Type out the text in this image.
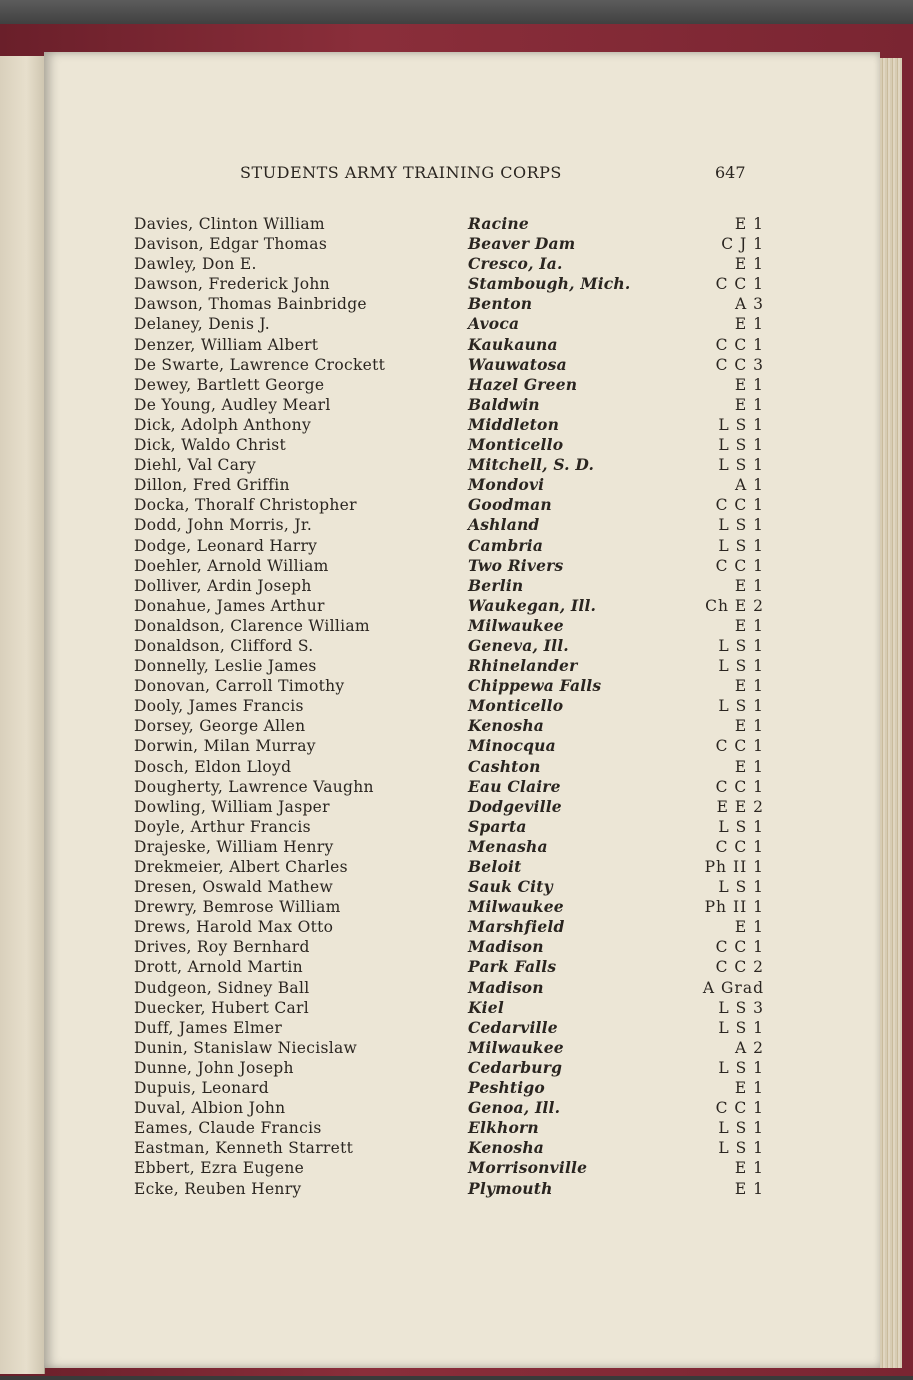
STUDENTS ARMY TRAINING CORPS	647
Davies, Clinton William	Racine	E 1
Davison, Edgar Thomas	Beaver Dam	C J 1
Dawley, Don E.	Cresco, Ia.	E 1
Dawson, Frederick John	Stambough, Mich.	C C 1
Dawson, Thomas Bainbridge	Benton	A 3
Delaney, Denis J.	Avoca	E 1
Denzer, William Albert	Kaukauna	C C 1
De Swarte, Lawrence Crockett	Wauwatosa	C C 3
Dewey, Bartlett George	Hazel Green	E 1
De Young, Audley Mearl	Baldwin	E 1
Dick, Adolph Anthony	Middleton	L S 1
Dick, Waldo Christ	Monticello	L S 1
Diehl, Val Cary	Mitchell, S. D.	L S 1
Dillon, Fred Griffin	Mondovi	A 1
Docka, Thoralf Christopher	Goodman	C C 1
Dodd, John Morris, Jr.	Ashland	L S 1
Dodge, Leonard Harry	Cambria	L S 1
Doehler, Arnold William	Two Rivers	C C 1
Dolliver, Ardin Joseph	Berlin	E 1
Donahue, James Arthur	Waukegan, Ill.	Ch E 2
Donaldson, Clarence William	Milwaukee	E 1
Donaldson, Clifford S.	Geneva, Ill.	L S 1
Donnelly, Leslie James	Rhinelander	L S 1
Donovan, Carroll Timothy	Chippewa Falls	E 1
Dooly, James Francis	Monticello	L S 1
Dorsey, George Allen	Kenosha	E 1
Dorwin, Milan Murray	Minocqua	C C 1
Dosch, Eldon Lloyd	Cashton	E 1
Dougherty, Lawrence Vaughn	Eau Claire	C C 1
Dowling, William Jasper	Dodgeville	E E 2
Doyle, Arthur Francis	Sparta	L S 1
Drajeske, William Henry	Menasha	C C 1
Drekmeier, Albert Charles	Beloit	Ph II 1
Dresen, Oswald Mathew	Sauk City	L S 1
Drewry, Bemrose William	Milwaukee	Ph II 1
Drews, Harold Max Otto	Marshfield	E 1
Drives, Roy Bernhard	Madison	C C 1
Drott, Arnold Martin	Park Falls	C C 2
Dudgeon, Sidney Ball	Madison	A Grad
Duecker, Hubert Carl	Kiel	L S 3
Duff, James Elmer	Cedarville	L S 1
Dunin, Stanislaw Niecislaw	Milwaukee	A 2
Dunne, John Joseph	Cedarburg	L S 1
Dupuis, Leonard	Peshtigo	E 1
Duval, Albion John	Genoa, Ill.	C C 1
Eames, Claude Francis	Elkhorn	L S 1
Eastman, Kenneth Starrett	Kenosha	L S 1
Ebbert, Ezra Eugene	Morrisonville	E 1
Ecke, Reuben Henry	Plymouth	E 1
